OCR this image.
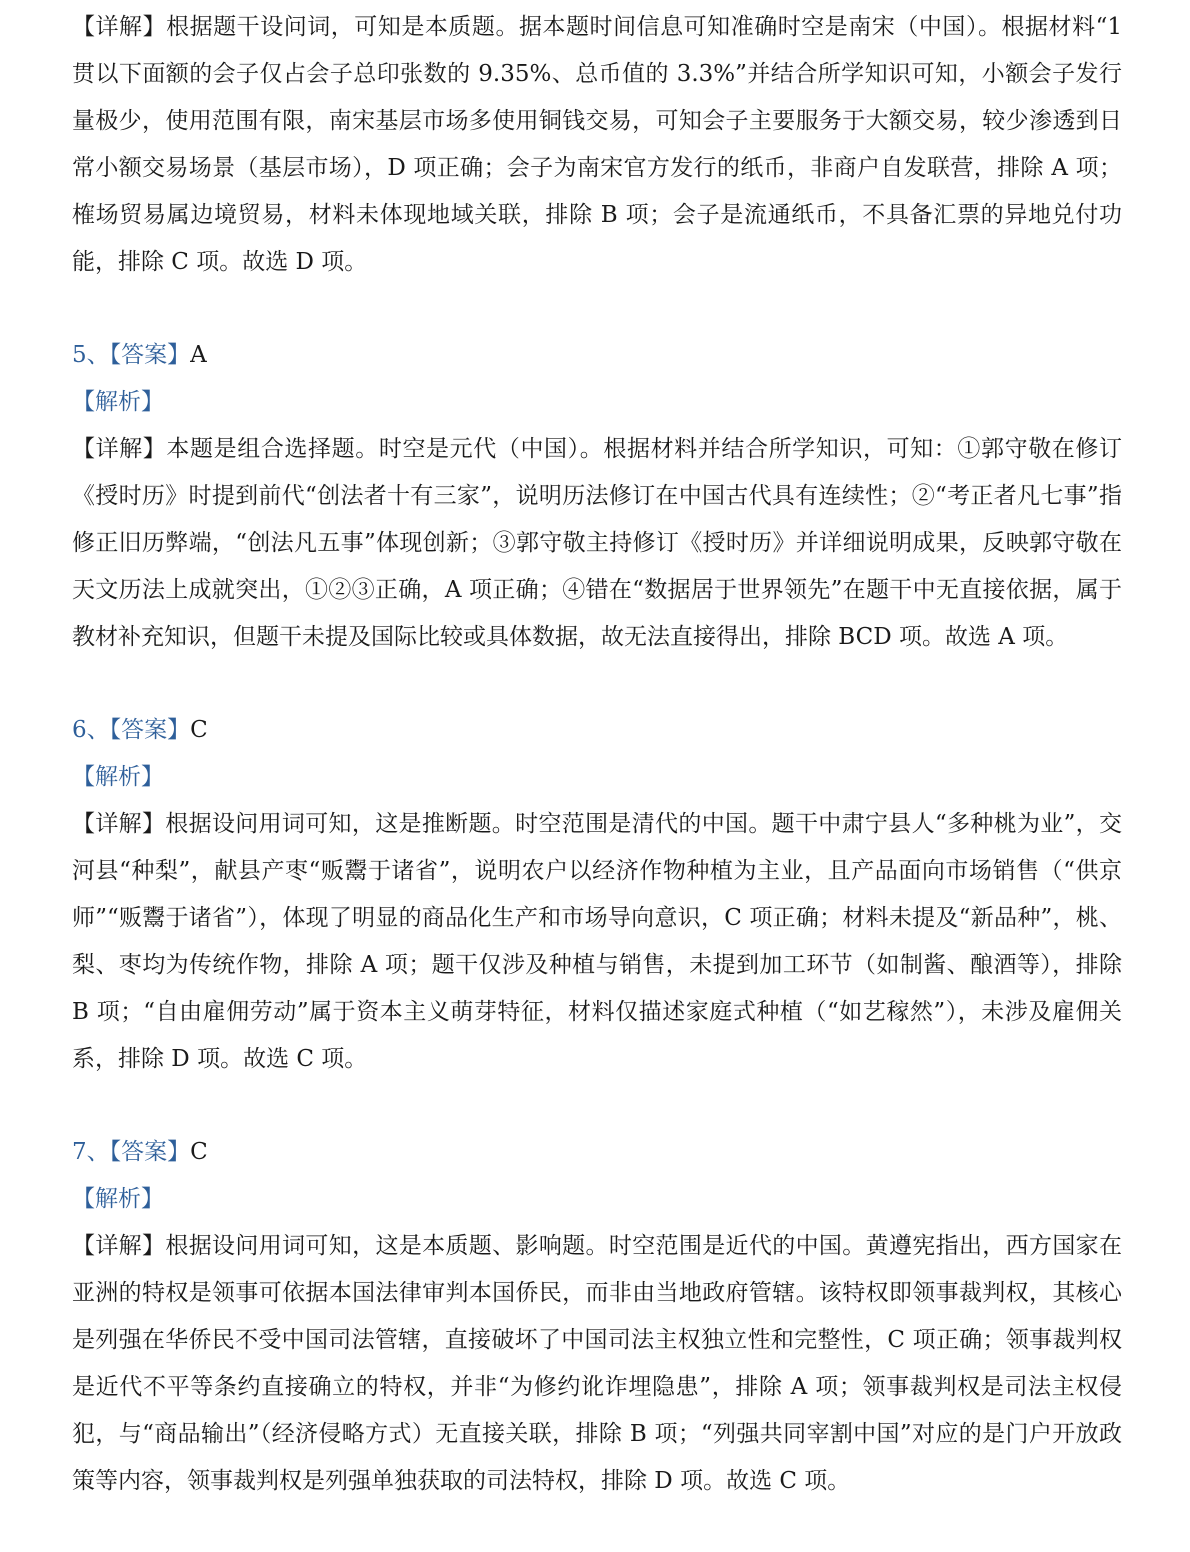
【详解】根据题干设问词，可知是本质题。据本题时间信息可知准确时空是南宋（中国）。根据材料“1 贯以下面额的会子仅占会子总印张数的 9.35%、总币值的 3.3%”并结合所学知识可知，小额会子发行量极少，使用范围有限，南宋基层市场多使用铜钱交易，可知会子主要服务于大额交易，较少渗透到日常小额交易场景（基层市场），D 项正确；会子为南宋官方发行的纸币，非商户自发联营，排除 A 项；榷场贸易属边境贸易，材料未体现地域关联，排除 B 项；会子是流通纸币，不具备汇票的异地兑付功能，排除 C 项。故选 D 项。

5、【答案】A

【解析】

【详解】本题是组合选择题。时空是元代（中国）。根据材料并结合所学知识，可知：①郭守敬在修订《授时历》时提到前代“创法者十有三家”，说明历法修订在中国古代具有连续性；②“考正者凡七事”指修正旧历弊端，“创法凡五事”体现创新；③郭守敬主持修订《授时历》并详细说明成果，反映郭守敬在天文历法上成就突出，①②③正确，A 项正确；④错在“数据居于世界领先”在题干中无直接依据，属于教材补充知识，但题干未提及国际比较或具体数据，故无法直接得出，排除 BCD 项。故选 A 项。

6、【答案】C

【解析】

【详解】根据设问用词可知，这是推断题。时空范围是清代的中国。题干中肃宁县人“多种桃为业”，交河县“种梨”，献县产枣“贩鬻于诸省”，说明农户以经济作物种植为主业，且产品面向市场销售（“供京师”“贩鬻于诸省”），体现了明显的商品化生产和市场导向意识，C 项正确；材料未提及“新品种”，桃、梨、枣均为传统作物，排除 A 项；题干仅涉及种植与销售，未提到加工环节（如制酱、酿酒等），排除 B 项；“自由雇佣劳动”属于资本主义萌芽特征，材料仅描述家庭式种植（“如艺稼然”），未涉及雇佣关系，排除 D 项。故选 C 项。

7、【答案】C

【解析】

【详解】根据设问用词可知，这是本质题、影响题。时空范围是近代的中国。黄遵宪指出，西方国家在亚洲的特权是领事可依据本国法律审判本国侨民，而非由当地政府管辖。该特权即领事裁判权，其核心是列强在华侨民不受中国司法管辖，直接破坏了中国司法主权独立性和完整性，C 项正确；领事裁判权是近代不平等条约直接确立的特权，并非“为修约讹诈埋隐患”，排除 A 项；领事裁判权是司法主权侵犯，与“商品输出”（经济侵略方式）无直接关联，排除 B 项；“列强共同宰割中国”对应的是门户开放政策等内容，领事裁判权是列强单独获取的司法特权，排除 D 项。故选 C 项。
